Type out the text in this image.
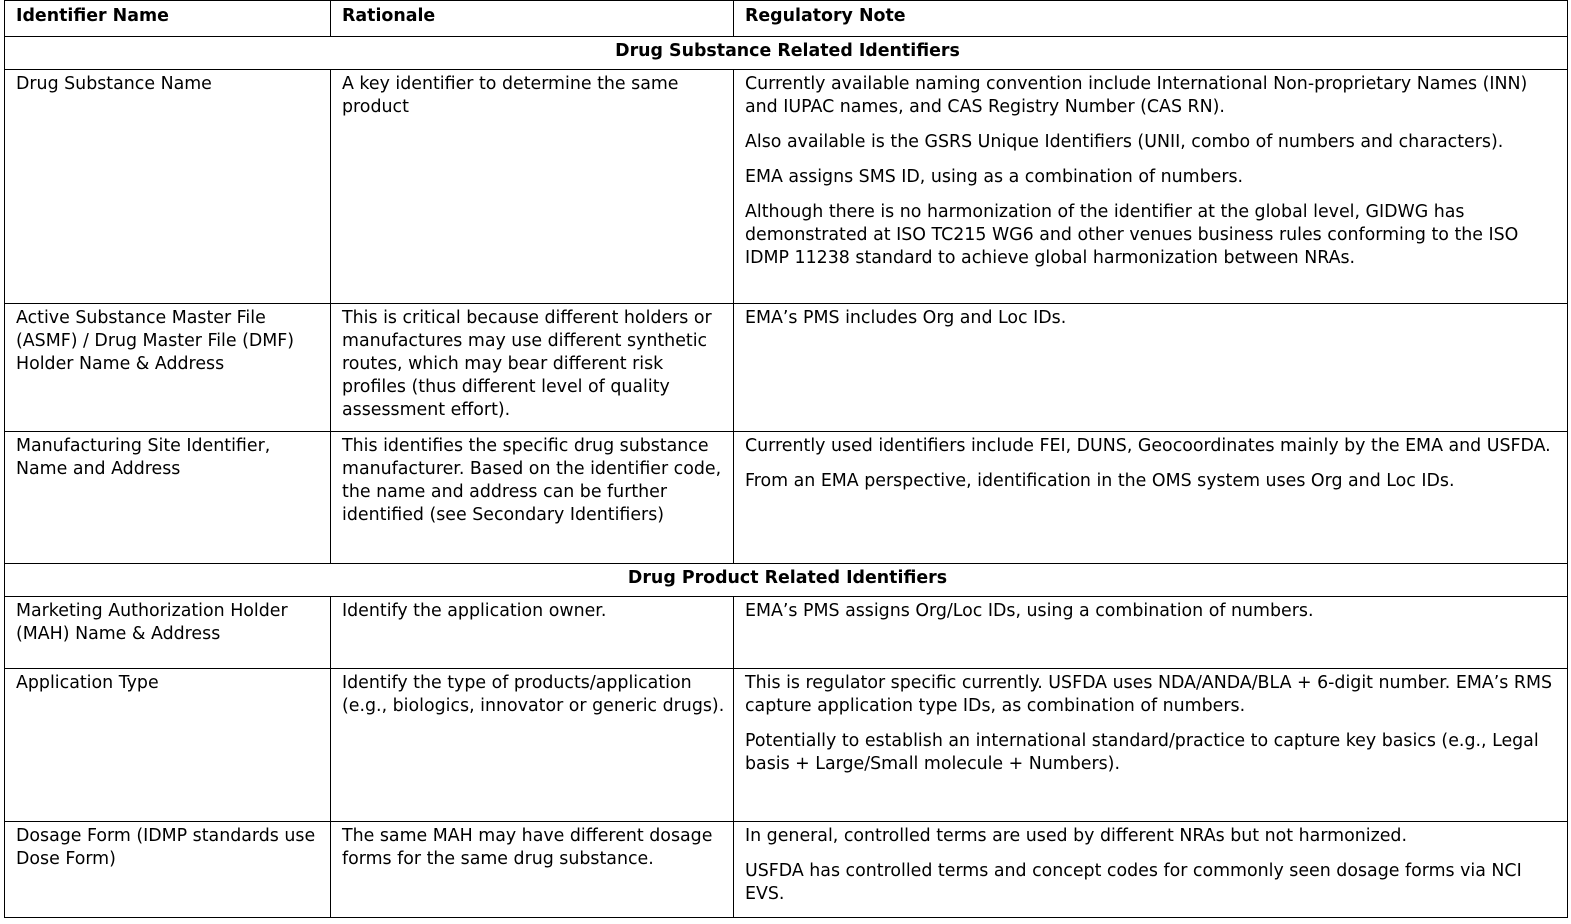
Identifier Name	Rationale	Regulatory Note
Drug Substance Related Identifiers		
Drug Substance Name	A key identifier to determine the same product	Currently available naming convention include International Non-proprietary Names (INN) and IUPAC names, and CAS Registry Number (CAS RN).

Also available is the GSRS Unique Identifiers (UNII, combo of numbers and characters).

EMA assigns SMS ID, using as a combination of numbers.

Although there is no harmonization of the identifier at the global level, GIDWG has demonstrated at ISO TC215 WG6 and other venues business rules conforming to the ISO IDMP 11238 standard to achieve global harmonization between NRAs.

Active Substance Master File (ASMF) / Drug Master File (DMF) Holder Name & Address	This is critical because different holders or manufactures may use different synthetic routes, which may bear different risk profiles (thus different level of quality assessment effort).	EMA’s PMS includes Org and Loc IDs.

Manufacturing Site Identifier, Name and Address	This identifies the specific drug substance manufacturer. Based on the identifier code, the name and address can be further identified (see Secondary Identifiers)	Currently used identifiers include FEI, DUNS, Geocoordinates mainly by the EMA and USFDA.

From an EMA perspective, identification in the OMS system uses Org and Loc IDs.

Drug Product Related Identifiers		
Marketing Authorization Holder (MAH) Name & Address	Identify the application owner.	EMA’s PMS assigns Org/Loc IDs, using a combination of numbers.

Application Type	Identify the type of products/application (e.g., biologics, innovator or generic drugs).	This is regulator specific currently. USFDA uses NDA/ANDA/BLA + 6-digit number. EMA’s RMS capture application type IDs, as combination of numbers.

Potentially to establish an international standard/practice to capture key basics (e.g., Legal basis + Large/Small molecule + Numbers).

Dosage Form (IDMP standards use Dose Form)	The same MAH may have different dosage forms for the same drug substance.	In general, controlled terms are used by different NRAs but not harmonized.

USFDA has controlled terms and concept codes for commonly seen dosage forms via NCI EVS.
